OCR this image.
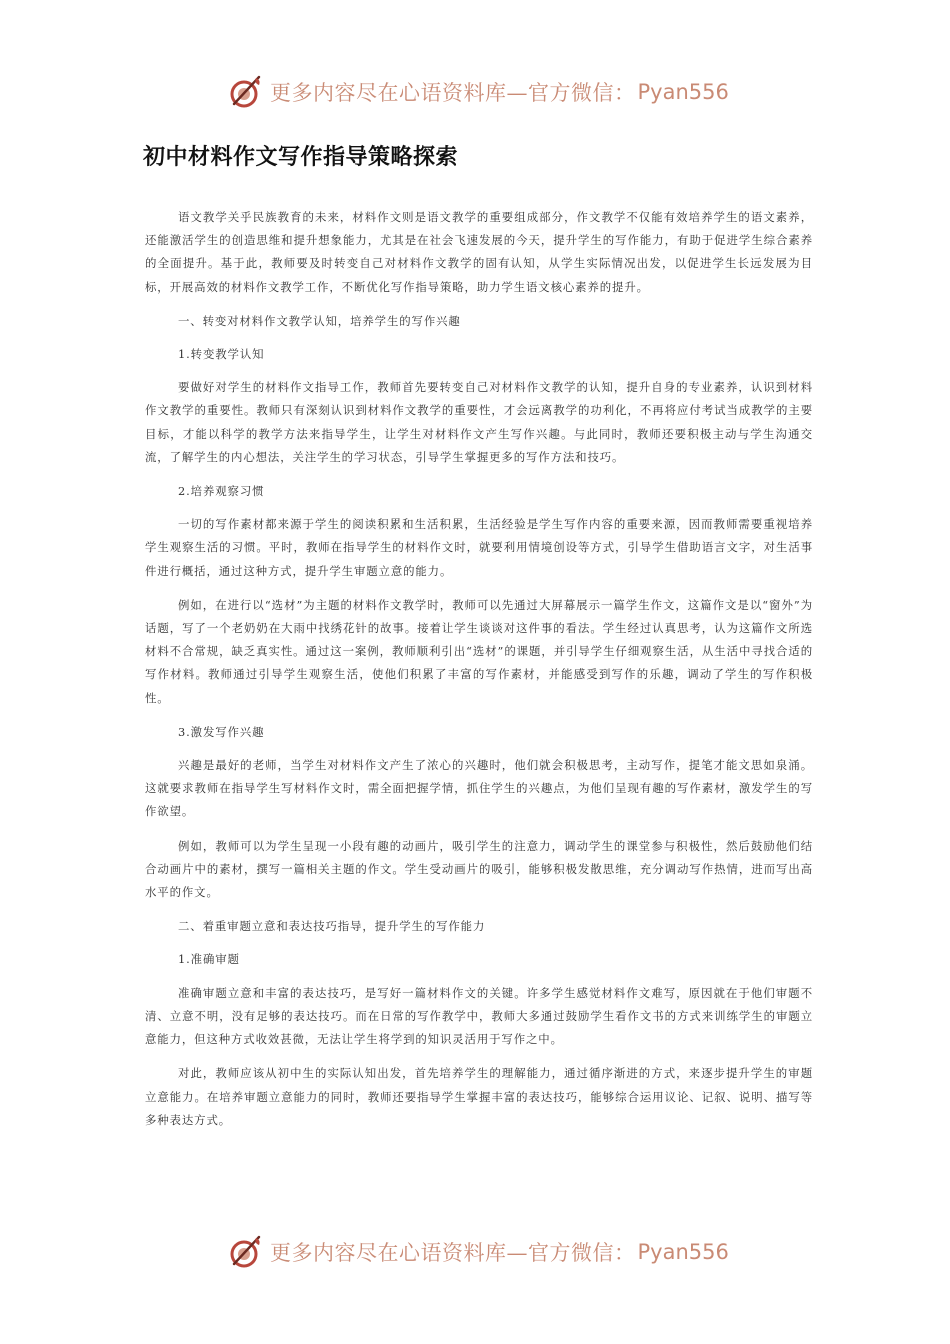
更多内容尽在心语资料库—官方微信： Pyan556
初中材料作文写作指导策略探索

语文教学关乎民族教育的未来，材料作文则是语文教学的重要组成部分，作文教学不仅能有效培养学生的语文素养，还能激活学生的创造思维和提升想象能力，尤其是在社会飞速发展的今天，提升学生的写作能力，有助于促进学生综合素养的全面提升。基于此，教师要及时转变自己对材料作文教学的固有认知，从学生实际情况出发，以促进学生长远发展为目标，开展高效的材料作文教学工作，不断优化写作指导策略，助力学生语文核心素养的提升。

一、转变对材料作文教学认知，培养学生的写作兴趣

1.转变教学认知

要做好对学生的材料作文指导工作，教师首先要转变自己对材料作文教学的认知，提升自身的专业素养，认识到材料作文教学的重要性。教师只有深刻认识到材料作文教学的重要性，才会远离教学的功利化，不再将应付考试当成教学的主要目标，才能以科学的教学方法来指导学生，让学生对材料作文产生写作兴趣。与此同时，教师还要积极主动与学生沟通交流，了解学生的内心想法，关注学生的学习状态，引导学生掌握更多的写作方法和技巧。

2.培养观察习惯

一切的写作素材都来源于学生的阅读积累和生活积累，生活经验是学生写作内容的重要来源，因而教师需要重视培养学生观察生活的习惯。平时，教师在指导学生的材料作文时，就要利用情境创设等方式，引导学生借助语言文字，对生活事件进行概括，通过这种方式，提升学生审题立意的能力。

例如，在进行以“选材”为主题的材料作文教学时，教师可以先通过大屏幕展示一篇学生作文，这篇作文是以“窗外”为话题，写了一个老奶奶在大雨中找绣花针的故事。接着让学生谈谈对这件事的看法。学生经过认真思考，认为这篇作文所选材料不合常规，缺乏真实性。通过这一案例，教师顺利引出“选材”的课题，并引导学生仔细观察生活，从生活中寻找合适的写作材料。教师通过引导学生观察生活，使他们积累了丰富的写作素材，并能感受到写作的乐趣，调动了学生的写作积极性。

3.激发写作兴趣

兴趣是最好的老师，当学生对材料作文产生了浓心的兴趣时，他们就会积极思考，主动写作，提笔才能文思如泉涌。这就要求教师在指导学生写材料作文时，需全面把握学情，抓住学生的兴趣点，为他们呈现有趣的写作素材，激发学生的写作欲望。

例如，教师可以为学生呈现一小段有趣的动画片，吸引学生的注意力，调动学生的课堂参与积极性，然后鼓励他们结合动画片中的素材，撰写一篇相关主题的作文。学生受动画片的吸引，能够积极发散思维，充分调动写作热情，进而写出高水平的作文。

二、着重审题立意和表达技巧指导，提升学生的写作能力

1.准确审题

准确审题立意和丰富的表达技巧，是写好一篇材料作文的关键。许多学生感觉材料作文难写，原因就在于他们审题不清、立意不明，没有足够的表达技巧。而在日常的写作教学中，教师大多通过鼓励学生看作文书的方式来训练学生的审题立意能力，但这种方式收效甚微，无法让学生将学到的知识灵活用于写作之中。

对此，教师应该从初中生的实际认知出发，首先培养学生的理解能力，通过循序渐进的方式，来逐步提升学生的审题立意能力。在培养审题立意能力的同时，教师还要指导学生掌握丰富的表达技巧，能够综合运用议论、记叙、说明、描写等多种表达方式。

更多内容尽在心语资料库—官方微信： Pyan556
